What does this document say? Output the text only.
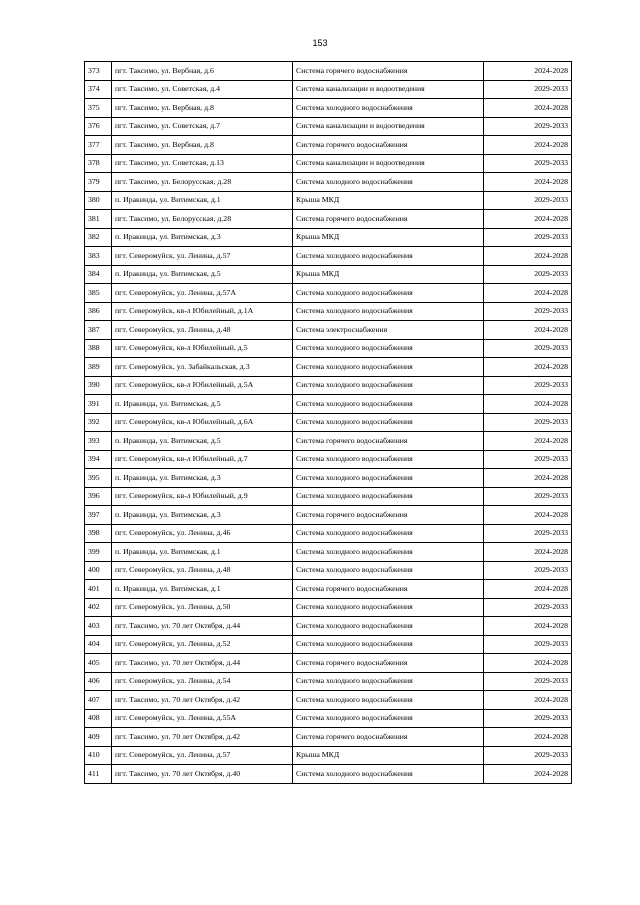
153
373	пгт. Таксимо, ул. Вербная, д.6	Система горячего водоснабжения	2024-2028
374	пгт. Таксимо, ул. Советская, д.4	Система канализации и водоотведения	2029-2033
375	пгт. Таксимо, ул. Вербная, д.8	Система холодного водоснабжения	2024-2028
376	пгт. Таксимо, ул. Советская, д.7	Система канализации и водоотведения	2029-2033
377	пгт. Таксимо, ул. Вербная, д.8	Система горячего водоснабжения	2024-2028
378	пгт. Таксимо, ул. Советская, д.13	Система канализации и водоотведения	2029-2033
379	пгт. Таксимо, ул. Белорусская, д.28	Система холодного водоснабжения	2024-2028
380	п. Иракинда, ул. Витимская, д.1	Крыша МКД	2029-2033
381	пгт. Таксимо, ул. Белорусская, д.28	Система горячего водоснабжения	2024-2028
382	п. Иракинда, ул. Витимская, д.3	Крыша МКД	2029-2033
383	пгт. Северомуйск, ул. Ленина, д.57	Система холодного водоснабжения	2024-2028
384	п. Иракинда, ул. Витимская, д.5	Крыша МКД	2029-2033
385	пгт. Северомуйск, ул. Ленина, д.57А	Система холодного водоснабжения	2024-2028
386	пгт. Северомуйск, кв-л Юбилейный, д.1А	Система холодного водоснабжения	2029-2033
387	пгт. Северомуйск, ул. Ленина, д.48	Система электроснабжения	2024-2028
388	пгт. Северомуйск, кв-л Юбилейный, д.5	Система холодного водоснабжения	2029-2033
389	пгт. Северомуйск, ул. Забайкальская, д.3	Система холодного водоснабжения	2024-2028
390	пгт. Северомуйск, кв-л Юбилейный, д.5А	Система холодного водоснабжения	2029-2033
391	п. Иракинда, ул. Витимская, д.5	Система холодного водоснабжения	2024-2028
392	пгт. Северомуйск, кв-л Юбилейный, д.6А	Система холодного водоснабжения	2029-2033
393	п. Иракинда, ул. Витимская, д.5	Система горячего водоснабжения	2024-2028
394	пгт. Северомуйск, кв-л Юбилейный, д.7	Система холодного водоснабжения	2029-2033
395	п. Иракинда, ул. Витимская, д.3	Система холодного водоснабжения	2024-2028
396	пгт. Северомуйск, кв-л Юбилейный, д.9	Система холодного водоснабжения	2029-2033
397	п. Иракинда, ул. Витимская, д.3	Система горячего водоснабжения	2024-2028
398	пгт. Северомуйск, ул. Ленина, д.46	Система холодного водоснабжения	2029-2033
399	п. Иракинда, ул. Витимская, д.1	Система холодного водоснабжения	2024-2028
400	пгт. Северомуйск, ул. Ленина, д.48	Система холодного водоснабжения	2029-2033
401	п. Иракинда, ул. Витимская, д.1	Система горячего водоснабжения	2024-2028
402	пгт. Северомуйск, ул. Ленина, д.50	Система холодного водоснабжения	2029-2033
403	пгт. Таксимо, ул. 70 лет Октября, д.44	Система холодного водоснабжения	2024-2028
404	пгт. Северомуйск, ул. Ленина, д.52	Система холодного водоснабжения	2029-2033
405	пгт. Таксимо, ул. 70 лет Октября, д.44	Система горячего водоснабжения	2024-2028
406	пгт. Северомуйск, ул. Ленина, д.54	Система холодного водоснабжения	2029-2033
407	пгт. Таксимо, ул. 70 лет Октября, д.42	Система холодного водоснабжения	2024-2028
408	пгт. Северомуйск, ул. Ленина, д.55А	Система холодного водоснабжения	2029-2033
409	пгт. Таксимо, ул. 70 лет Октября, д.42	Система горячего водоснабжения	2024-2028
410	пгт. Северомуйск, ул. Ленина, д.57	Крыша МКД	2029-2033
411	пгт. Таксимо, ул. 70 лет Октября, д.40	Система холодного водоснабжения	2024-2028
